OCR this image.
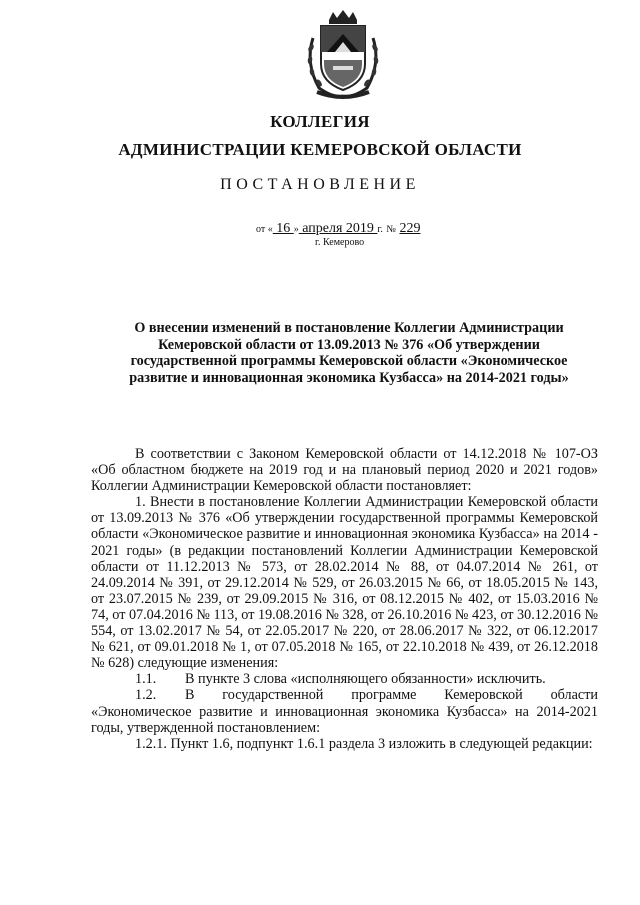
КОЛЛЕГИЯ
АДМИНИСТРАЦИИ КЕМЕРОВСКОЙ ОБЛАСТИ
ПОСТАНОВЛЕНИЕ
от « 16 » апреля 2019 г. № 229
г. Кемерово
О внесении изменений в постановление Коллегии Администрации Кемеровской области от 13.09.2013 № 376 «Об утверждении государственной программы Кемеровской области «Экономическое развитие и инновационная экономика Кузбасса» на 2014-2021 годы»

В соответствии с Законом Кемеровской области от 14.12.2018 № 107-ОЗ «Об областном бюджете на 2019 год и на плановый период 2020 и 2021 годов» Коллегии Администрации Кемеровской области постановляет:

1. Внести в постановление Коллегии Администрации Кемеровской области от 13.09.2013 № 376 «Об утверждении государственной программы Кемеровской области «Экономическое развитие и инновационная экономика Кузбасса» на 2014 - 2021 годы» (в редакции постановлений Коллегии Администрации Кемеровской области от 11.12.2013 № 573, от 28.02.2014 № 88, от 04.07.2014 № 261, от 24.09.2014 № 391, от 29.12.2014 № 529, от 26.03.2015 № 66, от 18.05.2015 № 143, от 23.07.2015 № 239, от 29.09.2015 № 316, от 08.12.2015 № 402, от 15.03.2016 № 74, от 07.04.2016 № 113, от 19.08.2016 № 328, от 26.10.2016 № 423, от 30.12.2016 № 554, от 13.02.2017 № 54, от 22.05.2017 № 220, от 28.06.2017 № 322, от 06.12.2017 № 621, от 09.01.2018 № 1, от 07.05.2018 № 165, от 22.10.2018 № 439, от 26.12.2018 № 628) следующие изменения:

1.1. В пункте 3 слова «исполняющего обязанности» исключить.

1.2. В государственной программе Кемеровской области «Экономическое развитие и инновационная экономика Кузбасса» на 2014-2021 годы, утвержденной постановлением:

1.2.1. Пункт 1.6, подпункт 1.6.1 раздела 3 изложить в следующей редакции:
